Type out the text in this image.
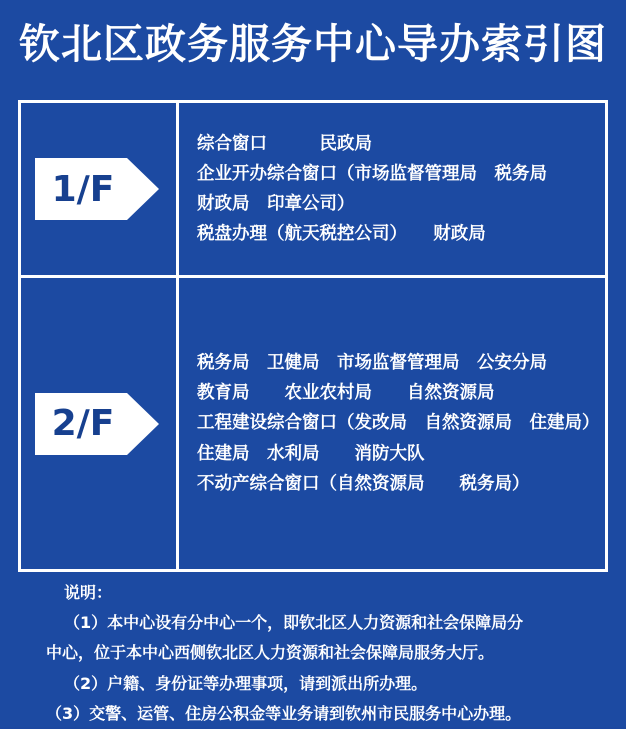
钦北区政务服务中心导办索引图
1/F
综合窗口　　　民政局
企业开办综合窗口（市场监督管理局　税务局
财政局　印章公司）
税盘办理（航天税控公司）　　财政局
2/F
税务局　卫健局　市场监督管理局　公安分局
教育局　　农业农村局　　自然资源局
工程建设综合窗口（发改局　自然资源局　住建局）
住建局　水利局　　消防大队
不动产综合窗口（自然资源局　　税务局）
说明：
（1）本中心设有分中心一个，即钦北区人力资源和社会保障局分
中心，位于本中心西侧钦北区人力资源和社会保障局服务大厅。
（2）户籍、身份证等办理事项，请到派出所办理。
（3）交警、运管、住房公积金等业务请到钦州市民服务中心办理。
